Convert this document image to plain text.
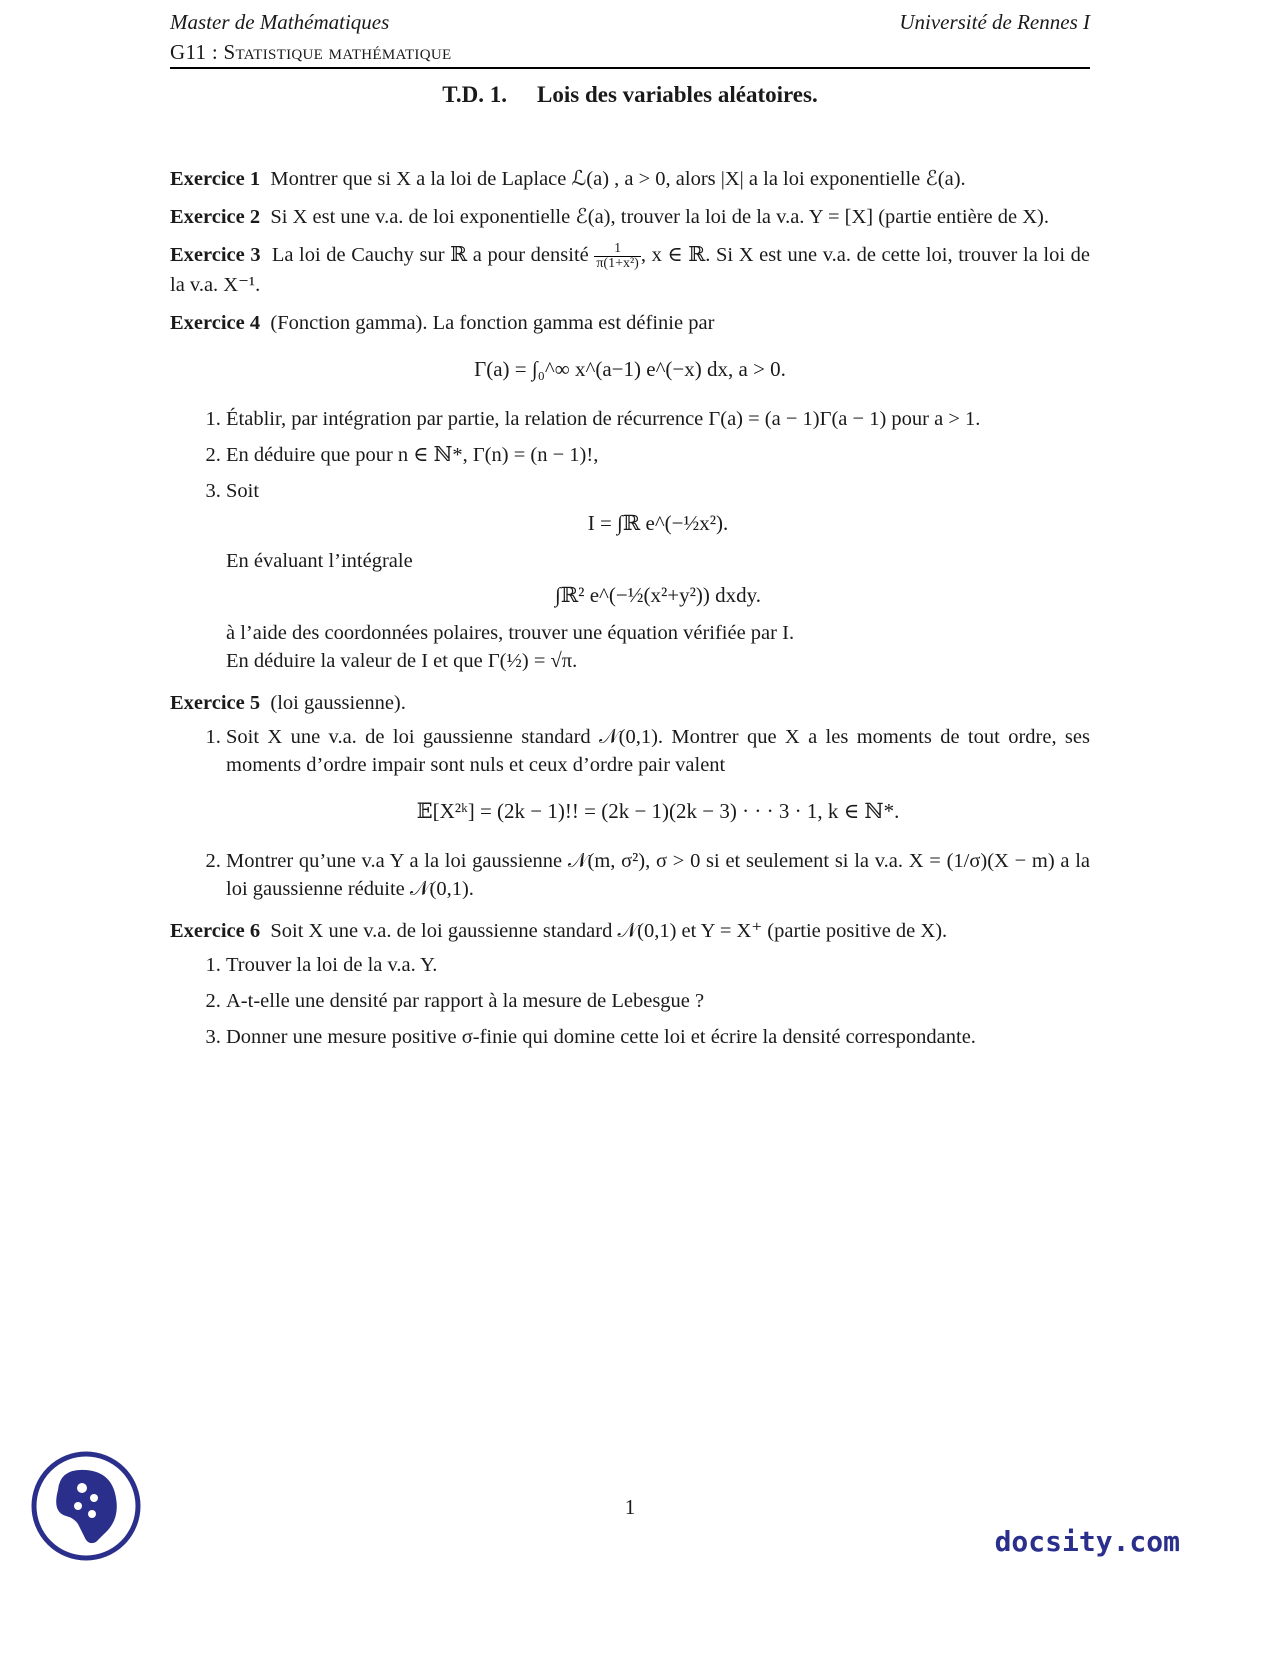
Master de Mathématiques	Université de Rennes I
G11 : Statistique mathématique
T.D. 1. Lois des variables aléatoires.

Exercice 1 Montrer que si X a la loi de Laplace ℒ(a) , a > 0, alors |X| a la loi exponentielle ℰ(a).

Exercice 2 Si X est une v.a. de loi exponentielle ℰ(a), trouver la loi de la v.a. Y = [X] (partie entière de X).

Exercice 3 La loi de Cauchy sur ℝ a pour densité $\frac{1}{\text{π(1+x²)}}$ , x ∈ ℝ. Si X est une v.a. de cette loi, trouver la loi de la v.a. X⁻¹.

Exercice 4 (Fonction gamma). La fonction gamma est définie par

Γ(a) = ∫₀^∞ x^(a−1) e^(−x) dx, a > 0.
1. Établir, par intégration par partie, la relation de récurrence Γ(a) = (a − 1)Γ(a − 1) pour a > 1.
2. En déduire que pour n ∈ ℕ*, Γ(n) = (n − 1)!,
3. Soit
I = ∫ℝ e^(−½x²).
En évaluant l’intégrale
∫ℝ² e^(−½(x²+y²)) dxdy.
à l’aide des coordonnées polaires, trouver une équation vérifiée par I.
En déduire la valeur de I et que Γ(½) = √π.

Exercice 5 (loi gaussienne).

1. Soit X une v.a. de loi gaussienne standard 𝒩(0,1). Montrer que X a les moments de tout ordre, ses moments d’ordre impair sont nuls et ceux d’ordre pair valent
𝔼[X²ᵏ] = (2k − 1)!! = (2k − 1)(2k − 3) · · · 3 · 1, k ∈ ℕ*.
2. Montrer qu’une v.a Y a la loi gaussienne 𝒩(m, σ²), σ > 0 si et seulement si la v.a. X = (1/σ)(X − m) a la loi gaussienne réduite 𝒩(0,1).

Exercice 6 Soit X une v.a. de loi gaussienne standard 𝒩(0,1) et Y = X⁺ (partie positive de X).

1. Trouver la loi de la v.a. Y.
2. A-t-elle une densité par rapport à la mesure de Lebesgue ?
3. Donner une mesure positive σ-finie qui domine cette loi et écrire la densité correspondante.
1
docsity.com
